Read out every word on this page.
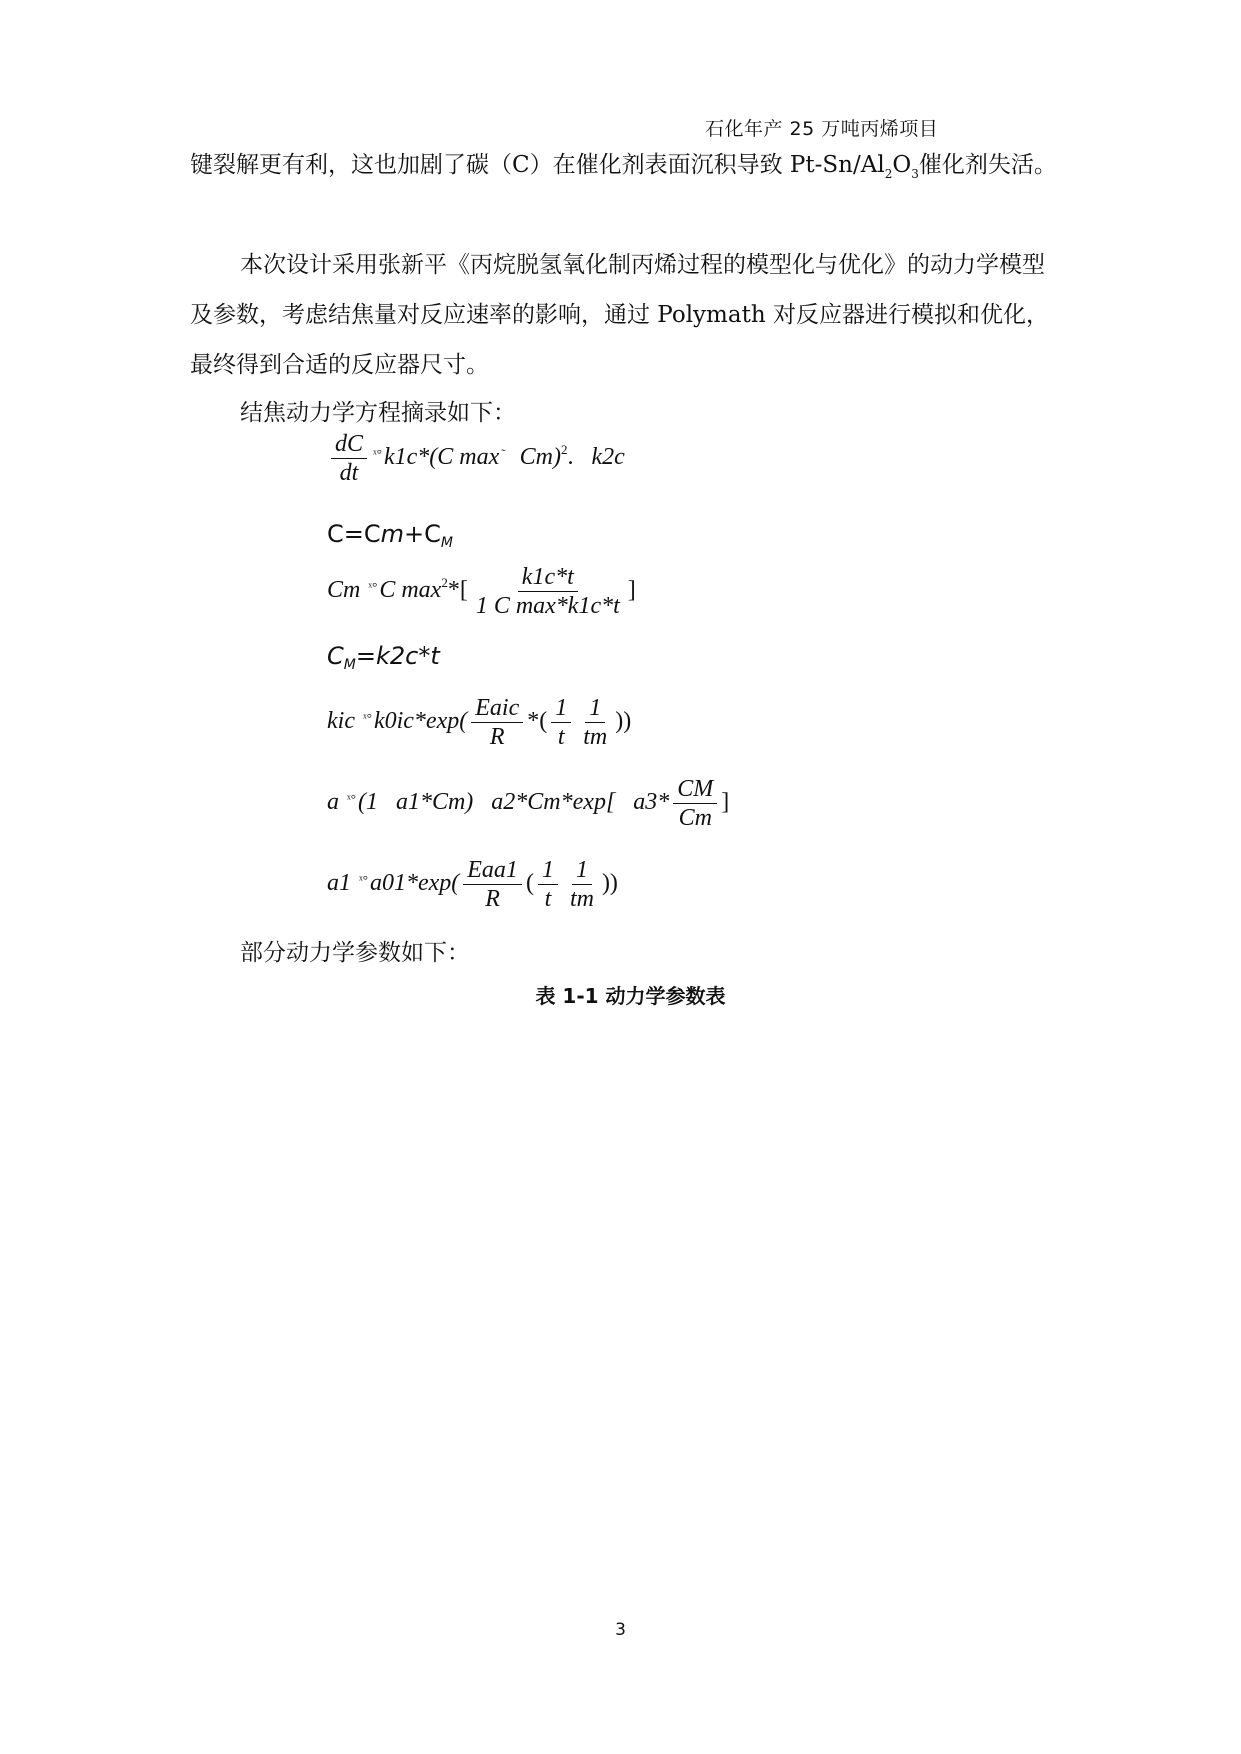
石化年产 25 万吨丙烯项目
键裂解更有利，这也加剧了碳（C）在催化剂表面沉积导致 $Pt-Sn/Al_2O_3$催化剂失活。
本次设计采用张新平《丙烷脱氢氧化制丙烯过程的模型化与优化》的动力学模型及参数，考虑结焦量对反应速率的影响，通过 Polymath 对反应器进行模拟和优化，最终得到合适的反应器尺寸。
结焦动力学方程摘录如下：
$\frac{dC}{dt} ^{ˣ^\circ}k1c*(C$ max ˜ Cm)$^2$. k2c
$C=Cm+C_M$
Cm $^{ˣ^\circ}$C $\max^2*[ \frac{k1c*t}{\text{1 C max*k1c*t}}$ ]
$C_M=k2c*t$
kic $^{ˣ^\circ}k0ic*\exp( \frac{\text{Eaic}}{R}$ *( $\frac{1}{t} \frac{1}{tm}$ ))
a $^{ˣ^\circ}$(1   a1*Cm)   a2*Cm*exp[   $a3* \frac{CM}{Cm}$ ]
a1 $^{ˣ^\circ}a01*\exp( \frac{\text{Eaa1}}{R}$ ( $\frac{1}{t} \frac{1}{tm}$ ))
部分动力学参数如下：
表 1-1 动力学参数表
3
